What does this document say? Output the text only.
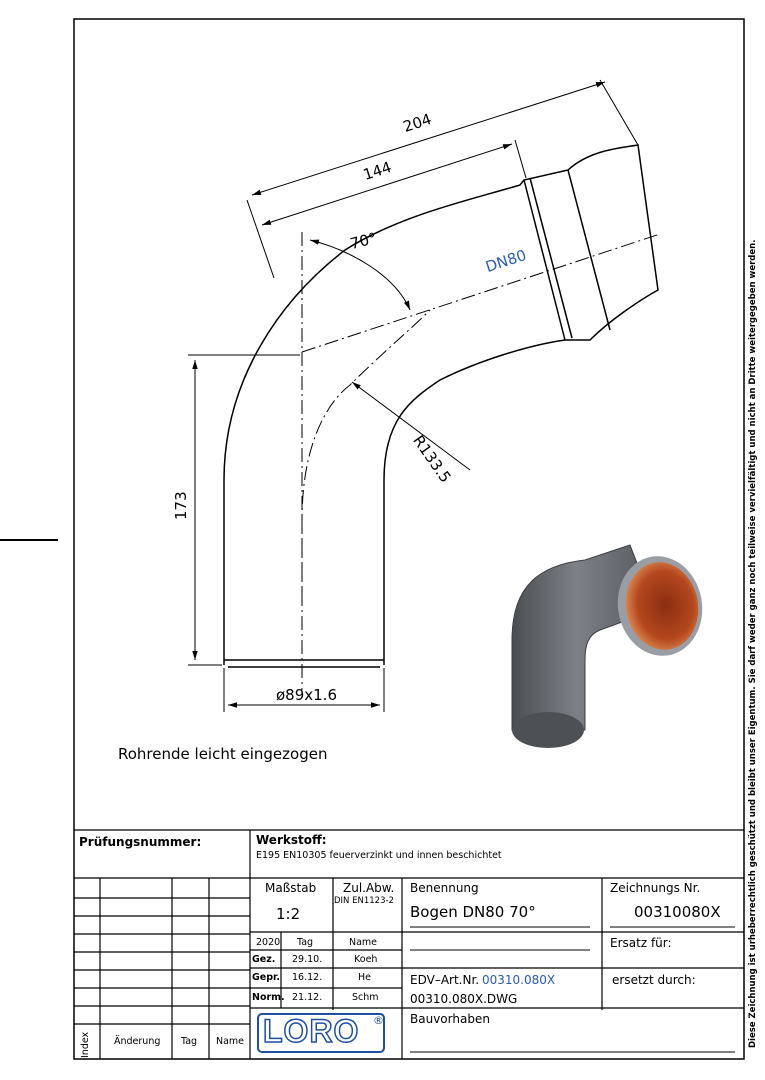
204
144
70°
DN80
R133.5
173
ø89x1.6
Rohrende leicht eingezogen
Prüfungsnummer:	Werkstoff:
E195 EN10305 feuerverzinkt und innen beschichtet
Maßstab
1:2
Zul.Abw.
DIN EN1123-2
Benennung
Bogen DN80 70°
Zeichnungs Nr.
00310080X
2020 Tag	Name
Gez. 29.10.	Koeh
Gepr. 16.12.	He
Norm. 21.12.	Schm
Ersatz für:
EDV–Art.Nr. 00310.080X	ersetzt durch:
00310.080X.DWG
Bauvorhaben
Index Änderung Tag Name LORO ®	Diese Zeichnung ist urheberrechtlich geschützt und bleibt unser Eigentum. Sie darf weder ganz noch teilweise vervielfältigt und nicht an Dritte weitergegeben werden.
